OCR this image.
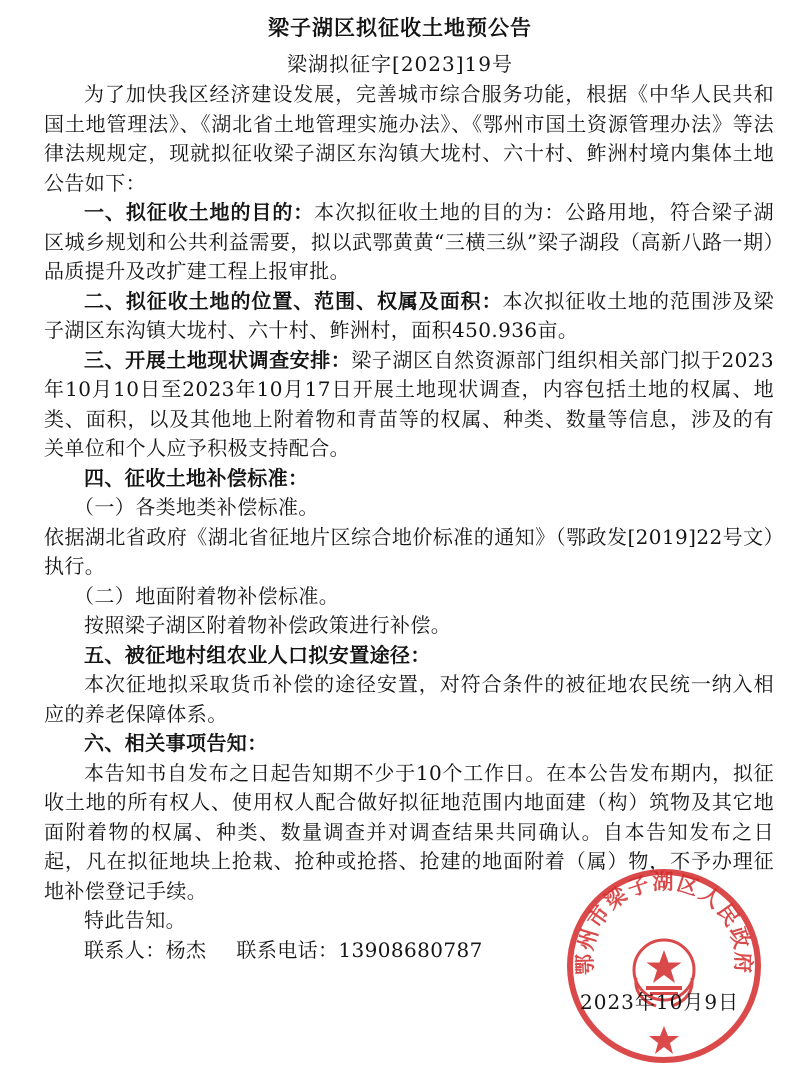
梁子湖区拟征收土地预公告
梁湖拟征字[2023]19号

为了加快我区经济建设发展，完善城市综合服务功能，根据《中华人民共和国土地管理法》、《湖北省土地管理实施办法》、《鄂州市国土资源管理办法》等法律法规规定，现就拟征收梁子湖区东沟镇大垅村、六十村、鲊洲村境内集体土地公告如下：

一、拟征收土地的目的：本次拟征收土地的目的为：公路用地，符合梁子湖区城乡规划和公共利益需要，拟以武鄂黄黄“三横三纵”梁子湖段（高新八路一期）品质提升及改扩建工程上报审批。

二、拟征收土地的位置、范围、权属及面积：本次拟征收土地的范围涉及梁子湖区东沟镇大垅村、六十村、鲊洲村，面积450.936亩。

三、开展土地现状调查安排：梁子湖区自然资源部门组织相关部门拟于2023年10月10日至2023年10月17日开展土地现状调查，内容包括土地的权属、地类、面积，以及其他地上附着物和青苗等的权属、种类、数量等信息，涉及的有关单位和个人应予积极支持配合。

四、征收土地补偿标准：

（一）各类地类补偿标准。

依据湖北省政府《湖北省征地片区综合地价标准的通知》（鄂政发[2019]22号文）执行。

（二）地面附着物补偿标准。

按照梁子湖区附着物补偿政策进行补偿。

五、被征地村组农业人口拟安置途径：

本次征地拟采取货币补偿的途径安置，对符合条件的被征地农民统一纳入相应的养老保障体系。

六、相关事项告知：

本告知书自发布之日起告知期不少于10个工作日。在本公告发布期内，拟征收土地的所有权人、使用权人配合做好拟征地范围内地面建（构）筑物及其它地面附着物的权属、种类、数量调查并对调查结果共同确认。自本告知发布之日起，凡在拟征地块上抢栽、抢种或抢搭、抢建的地面附着（属）物，不予办理征地补偿登记手续。

特此告知。

联系人：杨杰 联系电话：13908680787

鄂州市梁子湖区人民政府
2023年10月9日
